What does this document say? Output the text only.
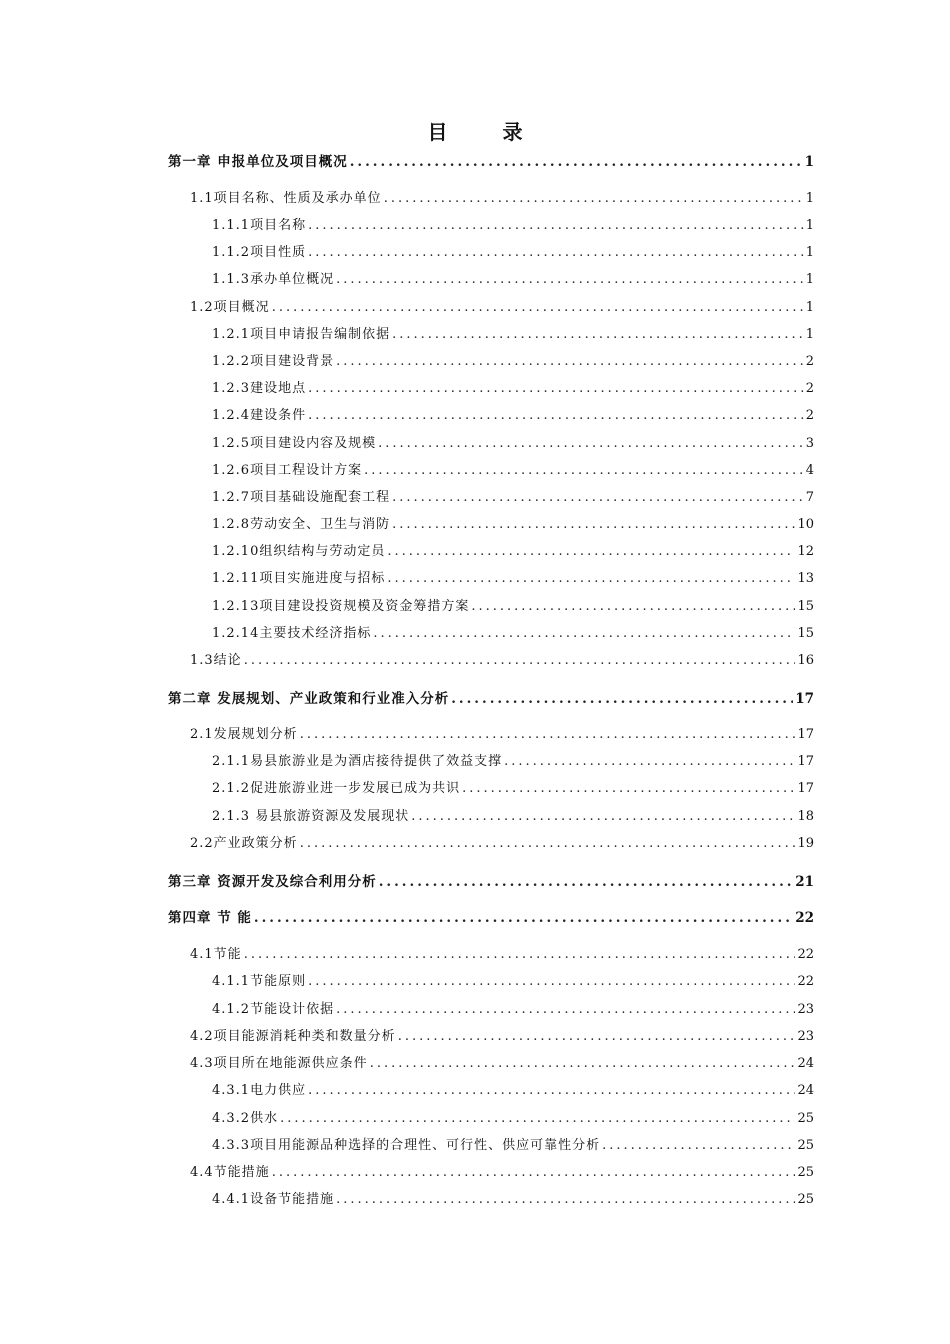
目 录
第一章 申报单位及项目概况 .....	1
1.1项目名称、性质及承办单位 .....	1
1.1.1项目名称 .....	1
1.1.2项目性质 .....	1
1.1.3承办单位概况 .....	1
1.2项目概况 .....	1
1.2.1项目申请报告编制依据 .....	1
1.2.2项目建设背景 .....	2
1.2.3建设地点 .....	2
1.2.4建设条件 .....	2
1.2.5项目建设内容及规模 .....	3
1.2.6项目工程设计方案 .....	4
1.2.7项目基础设施配套工程 .....	7
1.2.8劳动安全、卫生与消防 .....	10
1.2.10组织结构与劳动定员 .....	12
1.2.11项目实施进度与招标 .....	13
1.2.13项目建设投资规模及资金筹措方案 .....	15
1.2.14主要技术经济指标 .....	15
1.3结论 .....	16
第二章 发展规划、产业政策和行业准入分析 .....	17
2.1发展规划分析 .....	17
2.1.1易县旅游业是为酒店接待提供了效益支撑 .....	17
2.1.2促进旅游业进一步发展已成为共识 .....	17
2.1.3 易县旅游资源及发展现状 .....	18
2.2产业政策分析 .....	19
第三章 资源开发及综合利用分析 .....	21
第四章 节 能 .....	22
4.1节能 .....	22
4.1.1节能原则 .....	22
4.1.2节能设计依据 .....	23
4.2项目能源消耗种类和数量分析 .....	23
4.3项目所在地能源供应条件 .....	24
4.3.1电力供应 .....	24
4.3.2供水 .....	25
4.3.3项目用能源品种选择的合理性、可行性、供应可靠性分析 .....	25
4.4节能措施 .....	25
4.4.1设备节能措施 .....	25
